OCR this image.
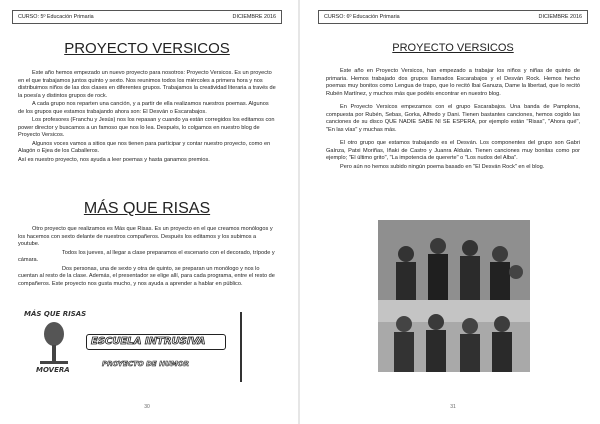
CURSO: 5º Educación Primaria	DICIEMBRE 2016
PROYECTO VERSICOS

Este año hemos empezado un nuevo proyecto para nosotros: Proyecto Versicos. Es un proyecto en el que trabajamos juntos quinto y sexto. Nos reunimos todos los miércoles a primera hora y nos distribuimos niños de las dos clases en diferentes grupos. Trabajamos la creatividad literaria a través de la poesía y distintos grupos de rock.

A cada grupo nos reparten una canción, y a partir de ella realizamos nuestros poemas. Algunos de los grupos que estamos trabajando ahora son: El Desván o Escarabajos.

Los profesores (Franchu y Jesús) nos los repasan y cuando ya están corregidos los editamos con power director y buscamos a un famoso que nos lo lea. Después, lo colgamos en nuestro blog de Proyecto Versicos.

Algunos voces vamos a sitios que nos tienen para participar y contar nuestro proyecto, como en Alagón o Ejea de los Caballeros.

Así es nuestro proyecto, nos ayuda a leer poemas y hasta ganamos premios.

MÁS QUE RISAS

Otro proyecto que realizamos es Más que Risas. Es un proyecto en el que creamos monólogos y los hacemos con sexto delante de nuestros compañeros. Después los editamos y los subimos a youtube.

Todos los jueves, al llegar a clase preparamos el escenario con el decorado, trípode y cámara.

Dos personas, una de sexto y otra de quinto, se preparan un monólogo y nos lo cuentan al resto de la clase. Además, el presentador se elige allí, para cada programa, entre el resto de compañeros. Este proyecto nos gusta mucho, y nos ayuda a aprender a hablar en público.

MÁS QUE RISAS
MOVERA
ESCUELA INTRUSIVA
PROYECTO DE HUMOR
30
CURSO: 6º Educación Primaria	DICIEMBRE 2016
PROYECTO VERSICOS

Este año en Proyecto Versicos, han empezado a trabajar los niños y niñas de quinto de primaria. Hemos trabajado dos grupos llamados Escarabajos y el Desván Rock. Hemos hecho poemas muy bonitos como Lengua de trapo, que lo recitó Ibai Ganuza, Dame la libertad, que lo recitó Rubén Martínez, y muchos más que podéis encontrar en nuestro blog.

En Proyecto Versicos empezamos con el grupo Escarabajos. Una banda de Pamplona, compuesta por Rubén, Sebas, Gorka, Alfredo y Dani. Tienen bastantes canciones, hemos cogido las canciones de su disco QUE NADIE SABE NI SE ESPERA, por ejemplo están "Risas", "Ahora qué", "En las vías" y muchas más.

El otro grupo que estamos trabajando es el Desván. Los componentes del grupo son Gabri Gaínza, Patxi Moriñas, Iñaki de Castro y Juanra Alduán. Tienen canciones muy bonitas como por ejemplo; "El último grito", "La impotencia de quererte" o "Los nudos del Alba".

Pero aún no hemos subido ningún poema basado en "El Desván Rock" en el blog.

31
